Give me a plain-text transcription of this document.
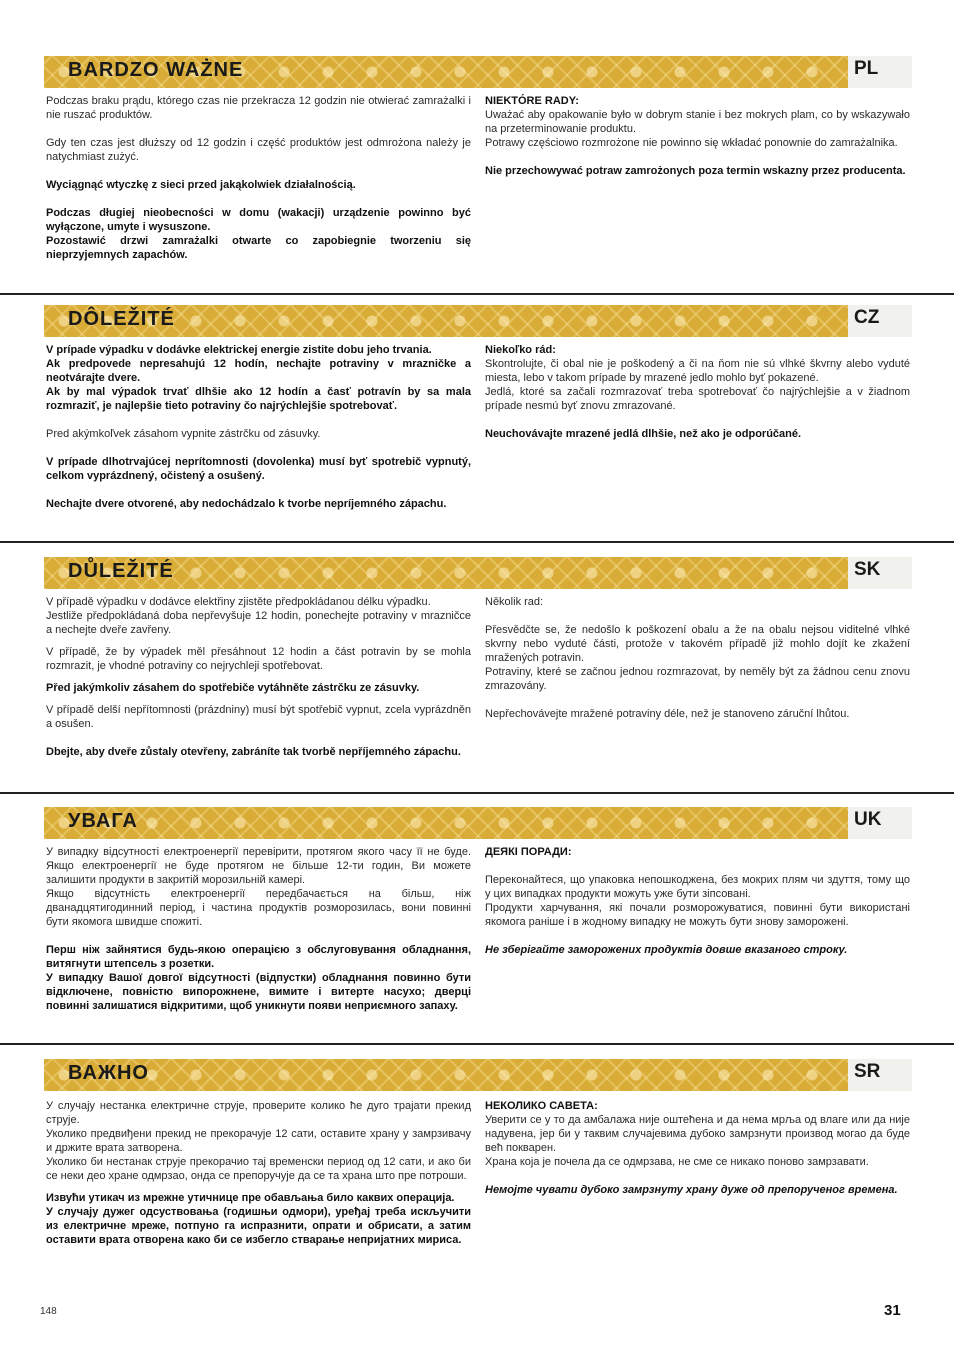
BARDZO WAŻNE	PL

Podczas braku prądu, którego czas nie przekracza 12 godzin nie otwierać zamrażalki i nie ruszać produktów.

Gdy ten czas jest dłuższy od 12 godzin i część produktów jest odmrożona należy je natychmiast zużyć.

Wyciągnąć wtyczkę z sieci przed jakąkolwiek działalnością.

Podczas długiej nieobecności w domu (wakacji) urządzenie powinno być wyłączone, umyte i wysuszone.

Pozostawić drzwi zamrażalki otwarte co zapobiegnie tworzeniu się nieprzyjemnych zapachów.

NIEKTÓRE RADY:

Uważać aby opakowanie było w dobrym stanie i bez mokrych plam, co by wskazywało na przeterminowanie produktu.

Potrawy częściowo rozmrożone nie powinno się wkładać ponownie do zamrażalnika.

Nie przechowywać potraw zamrożonych poza termin wskazny przez producenta.

DÔLEŽITÉ	CZ

V prípade výpadku v dodávke elektrickej energie zistite dobu jeho trvania.

Ak predpovede nepresahujú 12 hodín, nechajte potraviny v mrazničke a neotvárajte dvere.

Ak by mal výpadok trvať dlhšie ako 12 hodín a časť potravín by sa mala rozmraziť, je najlepšie tieto potraviny čo najrýchlejšie spotrebovať.

Pred akýmkoľvek zásahom vypnite zástrčku od zásuvky.

V prípade dlhotrvajúcej neprítomnosti (dovolenka) musí byť spotrebič vypnutý, celkom vyprázdnený, očistený a osušený.

Nechajte dvere otvorené, aby nedochádzalo k tvorbe nepríjemného zápachu.

Niekoľko rád:

Skontrolujte, či obal nie je poškodený a či na ňom nie sú vlhké škvrny alebo vyduté miesta, lebo v takom prípade by mrazené jedlo mohlo byť pokazené.

Jedlá, ktoré sa začali rozmrazovať treba spotrebovať čo najrýchlejšie a v žiadnom prípade nesmú byť znovu zmrazované.

Neuchovávajte mrazené jedlá dlhšie, než ako je odporúčané.

DŮLEŽITÉ	SK

V případě výpadku v dodávce elektřiny zjistěte předpokládanou délku výpadku.

Jestliže předpokládaná doba nepřevyšuje 12 hodin, ponechejte potraviny v mrazničce a nechejte dveře zavřeny.

V případě, že by výpadek měl přesáhnout 12 hodin a část potravin by se mohla rozmrazit, je vhodné potraviny co nejrychleji spotřebovat.

Před jakýmkoliv zásahem do spotřebiče vytáhněte zástrčku ze zásuvky.

V případě delší nepřítomnosti (prázdniny) musí být spotřebič vypnut, zcela vyprázdněn a osušen.

Dbejte, aby dveře zůstaly otevřeny, zabráníte tak tvorbě nepříjemného zápachu.

Několik rad:

Přesvědčte se, že nedošlo k poškození obalu a že na obalu nejsou viditelné vlhké skvrny nebo vyduté části, protože v takovém případě již mohlo dojít ke zkažení mražených potravin.

Potraviny, které se začnou jednou rozmrazovat, by neměly být za žádnou cenu znovu zmrazovány.

Nepřechovávejte mražené potraviny déle, než je stanoveno záruční lhůtou.

УВАГА	UK

У випадку відсутності електроенергії перевірити, протягом якого часу її не буде. Якщо електроенергії не буде протягом не більше 12-ти годин, Ви можете залишити продукти в закритій морозильній камері.

Якщо відсутність електроенергії передбачається на більш, ніж дванадцятигодинний період, і частина продуктів розморозилась, вони повинні бути якомога швидше спожиті.

Перш ніж зайнятися будь-якою операцією з обслуговування обладнання, витягнути штепсель з розетки.

У випадку Вашої довгої відсутності (відпустки) обладнання повинно бути відключене, повністю випорожнене, вимите і витерте насухо; дверці повинні залишатися відкритими, щоб уникнути появи неприємного запаху.

ДЕЯКІ ПОРАДИ:

Переконайтеся, що упаковка непошкоджена, без мокрих плям чи здуття, тому що у цих випадках продукти можуть уже бути зіпсовані.

Продукти харчування, які почали розморожуватися, повинні бути використані якомога раніше і в жодному випадку не можуть бути знову заморожені.

Не зберігайте заморожених продуктів довше вказаного строку.

ВАЖНО	SR

У случају нестанка електричне струје, проверите колико ће дуго трајати прекид струје.

Уколико предвиђени прекид не прекорачује 12 сати, оставите храну у замрзивачу и држите врата затворена.

Уколико би нестанак струје прекорачио тај временски период од 12 сати, и ако би се неки део хране одмрзао, онда се препоручује да се та храна што пре потроши.

Извући утикач из мрежне утичнице пре обављања било каквих операција.

У случају дужег одсуствовања (годишњи одмори), уређај треба искључити из електричне мреже, потпуно га испразнити, опрати и обрисати, а затим оставити врата отворена како би се избегло стварање непријатних мириса.

НЕКОЛИКО САВЕТА:

Уверити се у то да амбалажа није оштећена и да нема мрља од влаге или да није надувена, јер би у таквим случајевима дубоко замрзнути производ могао да буде већ покварен.

Храна која је почела да се одмрзава, не сме се никако поново замрзавати.

Немојте чувати дубоко замрзнуту храну дуже од препорученог времена.

148	31
